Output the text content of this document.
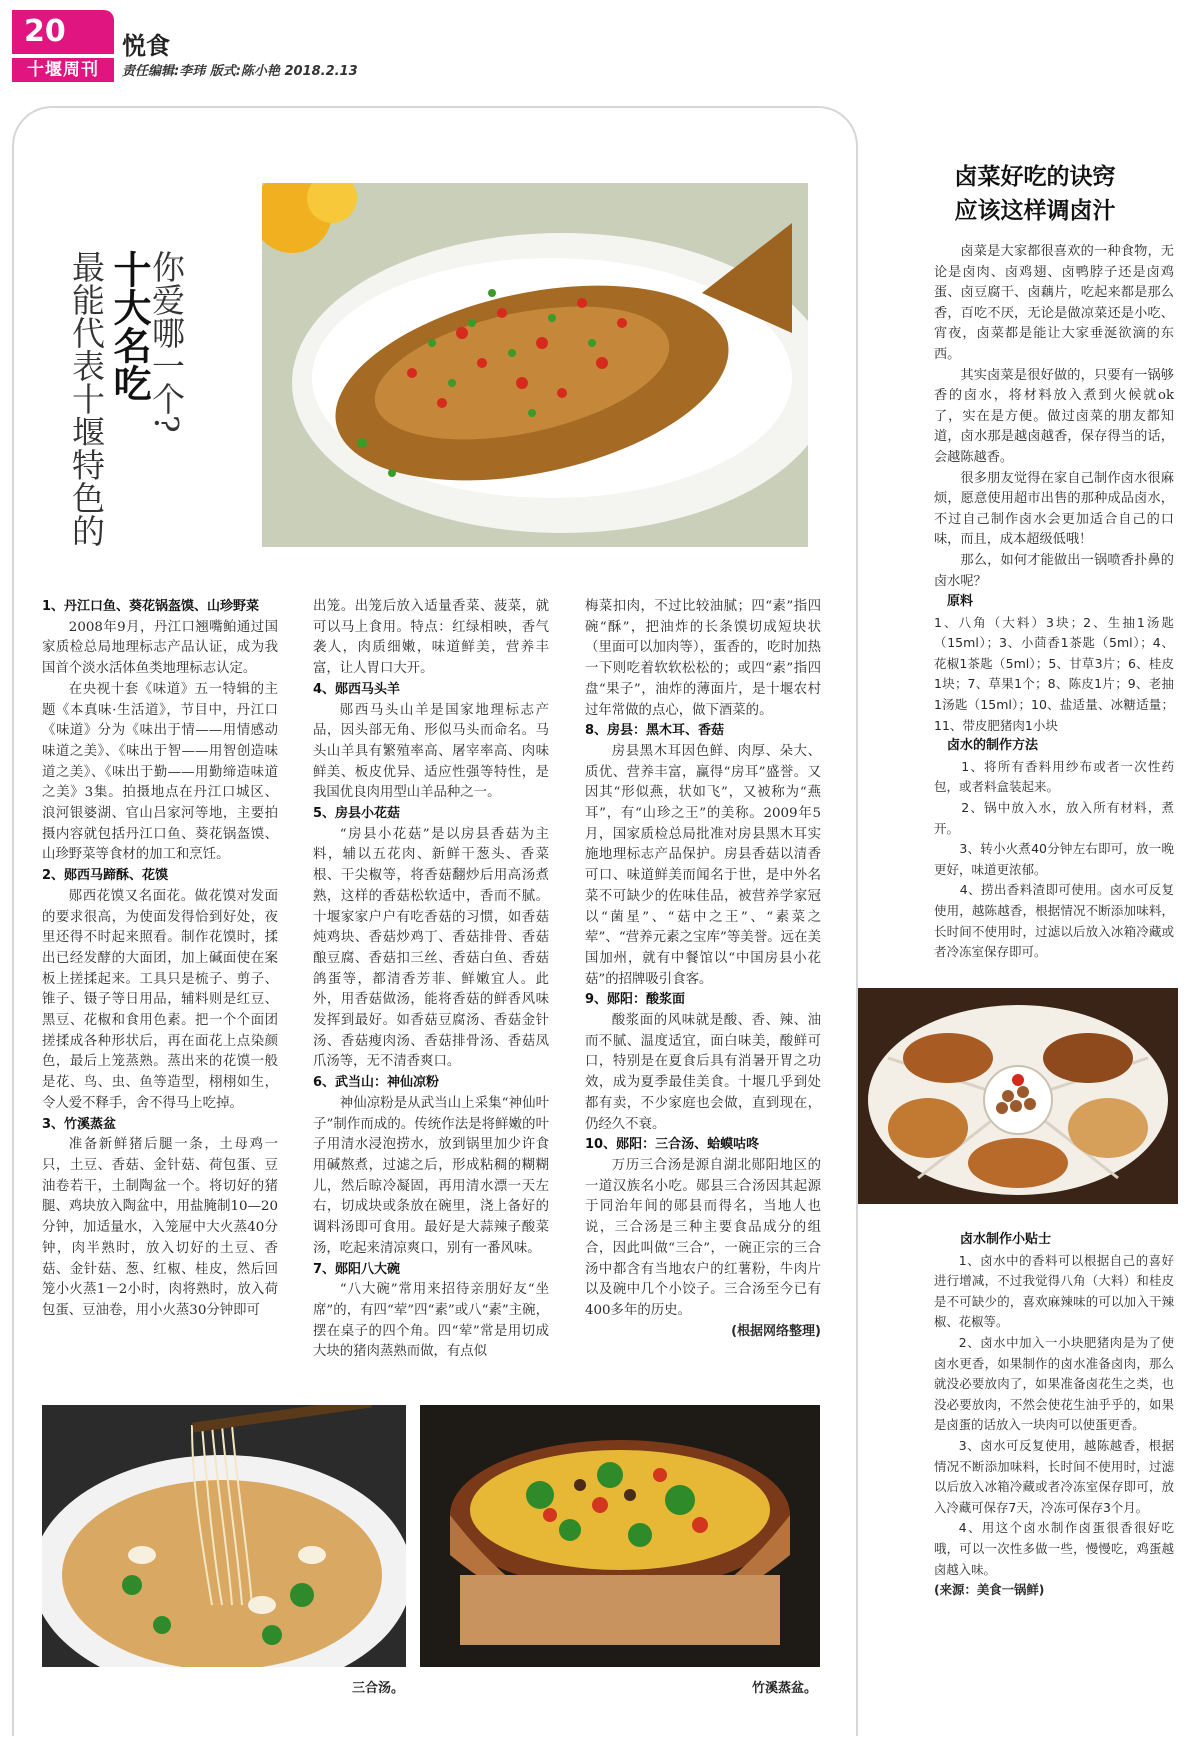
20
十堰周刊
悦食
责任编辑:李玮 版式:陈小艳 2018.2.13
你爱哪一个?
十大名吃
最能代表十堰特色的

1、丹江口鱼、葵花锅盔馍、山珍野菜

2008年9月，丹江口翘嘴鲌通过国家质检总局地理标志产品认证，成为我国首个淡水活体鱼类地理标志认定。

在央视十套《味道》五一特辑的主题《本真味·生活道》，节目中，丹江口《味道》分为《味出于情——用情感动味道之美》、《味出于智——用智创造味道之美》、《味出于勤——用勤缔造味道之美》3集。拍摄地点在丹江口城区、浪河银婆湖、官山吕家河等地，主要拍摄内容就包括丹江口鱼、葵花锅盔馍、山珍野菜等食材的加工和烹饪。

2、郧西马蹄酥、花馍

郧西花馍又名面花。做花馍对发面的要求很高，为使面发得恰到好处，夜里还得不时起来照看。制作花馍时，揉出已经发酵的大面团，加上碱面使在案板上搓揉起来。工具只是梳子、剪子、锥子、镊子等日用品，辅料则是红豆、黑豆、花椒和食用色素。把一个个面团搓揉成各种形状后，再在面花上点染颜色，最后上笼蒸熟。蒸出来的花馍一般是花、鸟、虫、鱼等造型，栩栩如生，令人爱不释手，舍不得马上吃掉。

3、竹溪蒸盆

准备新鲜猪后腿一条，土母鸡一只，土豆、香菇、金针菇、荷包蛋、豆油卷若干，土制陶盆一个。将切好的猪腿、鸡块放入陶盆中，用盐腌制10—20分钟，加适量水，入笼屉中大火蒸40分钟，肉半熟时，放入切好的土豆、香菇、金针菇、葱、红椒、桂皮，然后回笼小火蒸1－2小时，肉将熟时，放入荷包蛋、豆油卷，用小火蒸30分钟即可

出笼。出笼后放入适量香菜、菠菜，就可以马上食用。特点：红绿相映，香气袭人，肉质细嫩，味道鲜美，营养丰富，让人胃口大开。

4、郧西马头羊

郧西马头山羊是国家地理标志产品，因头部无角、形似马头而命名。马头山羊具有繁殖率高、屠宰率高、肉味鲜美、板皮优异、适应性强等特性，是我国优良肉用型山羊品种之一。

5、房县小花菇

“房县小花菇”是以房县香菇为主料，辅以五花肉、新鲜干葱头、香菜根、干尖椒等，将香菇翻炒后用高汤煮熟，这样的香菇松软适中，香而不腻。十堰家家户户有吃香菇的习惯，如香菇炖鸡块、香菇炒鸡丁、香菇排骨、香菇酿豆腐、香菇扣三丝、香菇白鱼、香菇鸽蛋等，都清香芳菲、鲜嫩宜人。此外，用香菇做汤，能将香菇的鲜香风味发挥到最好。如香菇豆腐汤、香菇金针汤、香菇瘦肉汤、香菇排骨汤、香菇凤爪汤等，无不清香爽口。

6、武当山：神仙凉粉

神仙凉粉是从武当山上采集“神仙叶子”制作而成的。传统作法是将鲜嫩的叶子用清水浸泡捞水，放到锅里加少许食用碱熬煮，过滤之后，形成粘稠的糊糊儿，然后晾冷凝固，再用清水漂一天左右，切成块或条放在碗里，浇上备好的调料汤即可食用。最好是大蒜辣子酸菜汤，吃起来清凉爽口，别有一番风味。

7、郧阳八大碗

“八大碗”常用来招待亲朋好友“坐席”的，有四“荤”四“素”或八“素”主碗，摆在桌子的四个角。四“荤”常是用切成大块的猪肉蒸熟而做，有点似

梅菜扣肉，不过比较油腻；四“素”指四碗“酥”，把油炸的长条馍切成短块状（里面可以加肉等），蛋香的，吃时加热一下则吃着软软松松的；或四“素”指四盘“果子”，油炸的薄面片，是十堰农村过年常做的点心，做下酒菜的。

8、房县：黑木耳、香菇

房县黑木耳因色鲜、肉厚、朵大、质优、营养丰富，赢得“房耳”盛誉。又因其“形似燕，状如飞”，又被称为“燕耳”，有“山珍之王”的美称。2009年5月，国家质检总局批准对房县黑木耳实施地理标志产品保护。房县香菇以清香可口、味道鲜美而闻名于世，是中外名菜不可缺少的佐味佳品，被营养学家冠以“菌星”、“菇中之王”、“素菜之荤”、“营养元素之宝库”等美誉。远在美国加州，就有中餐馆以“中国房县小花菇”的招牌吸引食客。

9、郧阳：酸浆面

酸浆面的风味就是酸、香、辣、油而不腻、温度适宜，面白味美，酸鲜可口，特别是在夏食后具有消暑开胃之功效，成为夏季最佳美食。十堰几乎到处都有卖，不少家庭也会做，直到现在，仍经久不衰。

10、郧阳：三合汤、蛤蟆咕咚

万历三合汤是源自湖北郧阳地区的一道汉族名小吃。郧县三合汤因其起源于同治年间的郧县而得名，当地人也说，三合汤是三种主要食品成分的组合，因此叫做“三合”，一碗正宗的三合汤中都含有当地农户的红薯粉，牛肉片以及碗中几个小饺子。三合汤至今已有400多年的历史。

(根据网络整理)

三合汤。	竹溪蒸盆。
卤菜好吃的诀窍
应该这样调卤汁

卤菜是大家都很喜欢的一种食物，无论是卤肉、卤鸡翅、卤鸭脖子还是卤鸡蛋、卤豆腐干、卤藕片，吃起来都是那么香，百吃不厌，无论是做凉菜还是小吃、宵夜，卤菜都是能让大家垂涎欲滴的东西。

其实卤菜是很好做的，只要有一锅够香的卤水，将材料放入煮到火候就ok了，实在是方便。做过卤菜的朋友都知道，卤水那是越卤越香，保存得当的话，会越陈越香。

很多朋友觉得在家自己制作卤水很麻烦，愿意使用超市出售的那种成品卤水，不过自己制作卤水会更加适合自己的口味，而且，成本超级低哦！

那么，如何才能做出一锅喷香扑鼻的卤水呢？

原料

1、八角（大料）3块；2、生抽1汤匙（15ml）；3、小茴香1茶匙（5ml）；4、花椒1茶匙（5ml）；5、甘草3片；6、桂皮1块；7、草果1个；8、陈皮1片；9、老抽1汤匙（15ml）；10、盐适量、冰糖适量；11、带皮肥猪肉1小块

卤水的制作方法

　　1、将所有香料用纱布或者一次性药包，或者料盒装起来。

　　2、锅中放入水，放入所有材料，煮开。

　　3、转小火煮40分钟左右即可，放一晚更好，味道更浓郁。

　　4、捞出香料渣即可使用。卤水可反复使用，越陈越香，根据情况不断添加味料，长时间不使用时，过滤以后放入冰箱冷藏或者冷冻室保存即可。

卤水制作小贴士

1、卤水中的香料可以根据自己的喜好进行增减，不过我觉得八角（大料）和桂皮是不可缺少的，喜欢麻辣味的可以加入干辣椒、花椒等。

2、卤水中加入一小块肥猪肉是为了使卤水更香，如果制作的卤水准备卤肉，那么就没必要放肉了，如果准备卤花生之类，也没必要放肉，不然会使花生油乎乎的，如果是卤蛋的话放入一块肉可以使蛋更香。

3、卤水可反复使用，越陈越香，根据情况不断添加味料，长时间不使用时，过滤以后放入冰箱冷藏或者冷冻室保存即可，放入冷藏可保存7天，冷冻可保存3个月。

4、用这个卤水制作卤蛋很香很好吃哦，可以一次性多做一些，慢慢吃，鸡蛋越卤越入味。

(来源：美食一锅鲜)
